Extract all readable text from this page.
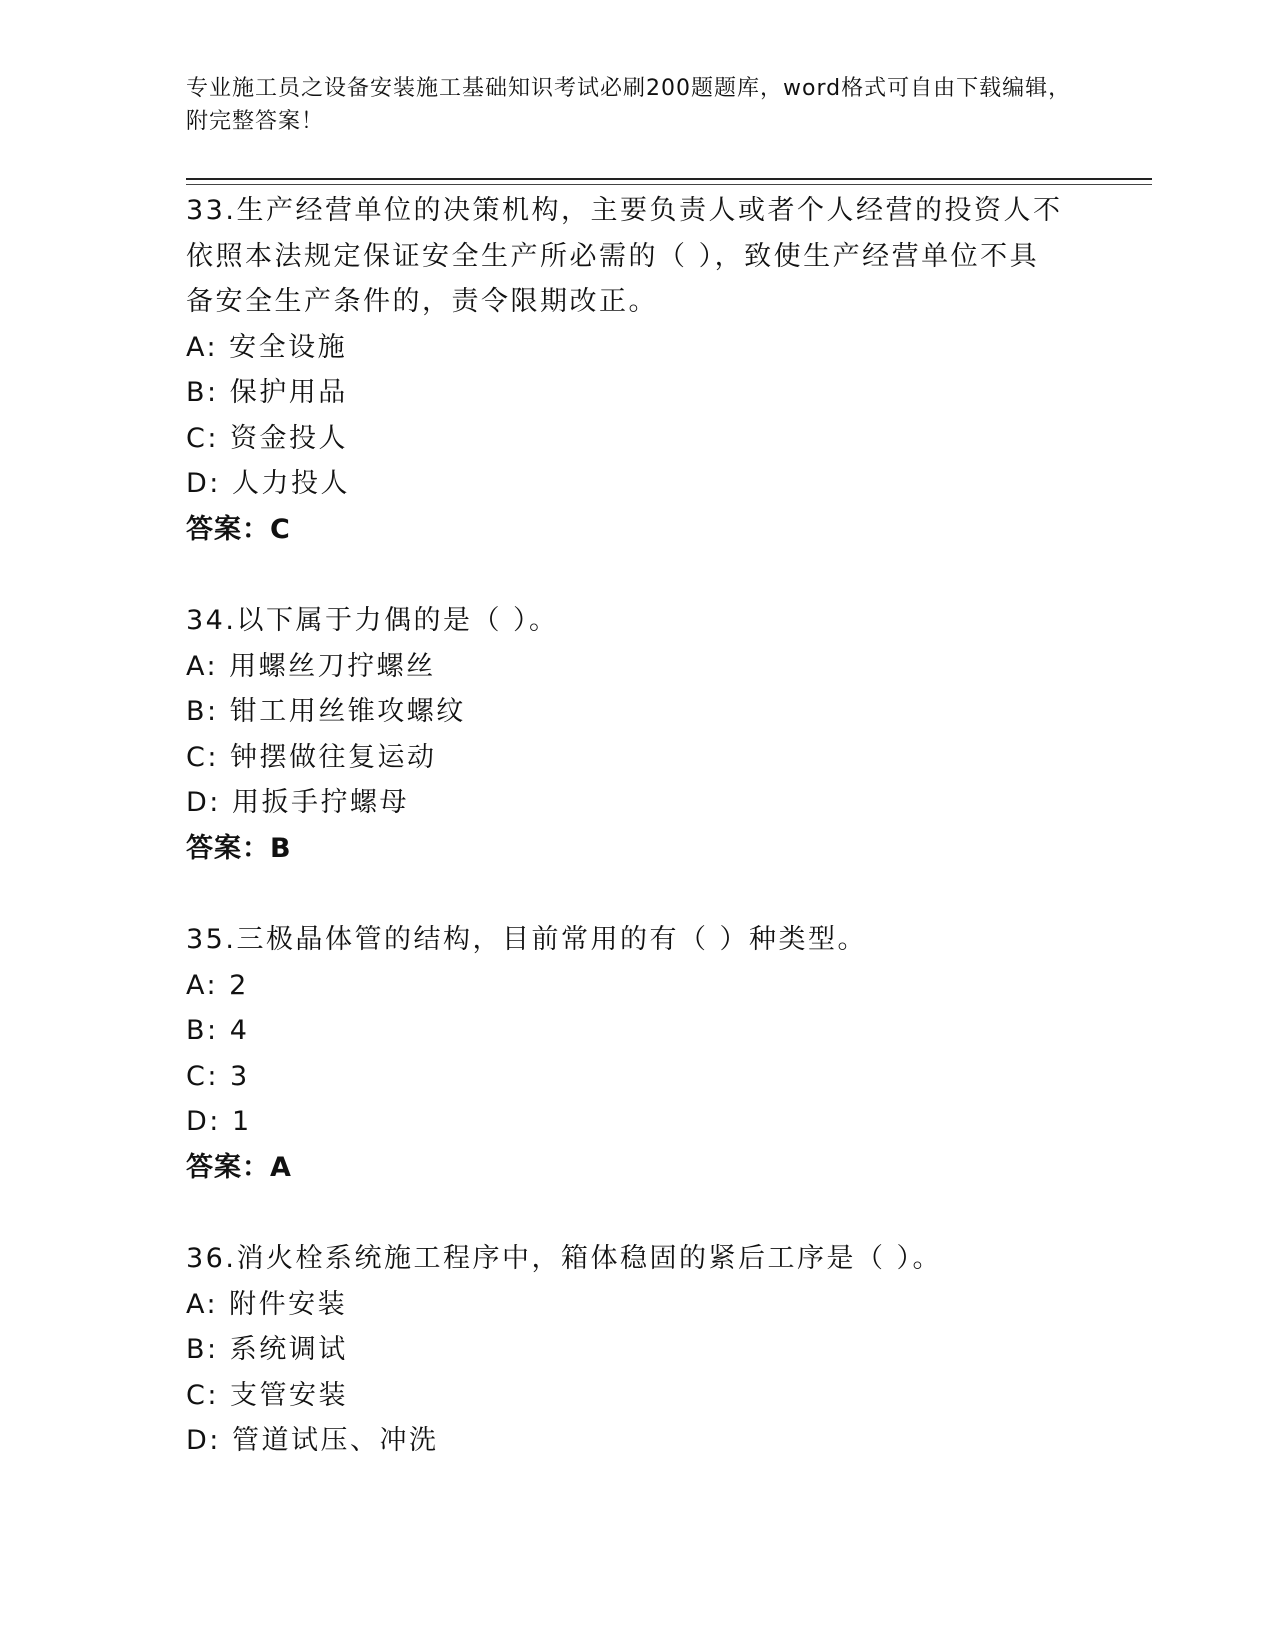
专业施工员之设备安装施工基础知识考试必刷200题题库，word格式可自由下载编辑，附完整答案！
33.生产经营单位的决策机构，主要负责人或者个人经营的投资人不依照本法规定保证安全生产所必需的（ ），致使生产经营单位不具备安全生产条件的，责令限期改正。
A: 安全设施
B: 保护用品
C: 资金投人
D: 人力投人
答案：C
34.以下属于力偶的是（ ）。
A: 用螺丝刀拧螺丝
B: 钳工用丝锥攻螺纹
C: 钟摆做往复运动
D: 用扳手拧螺母
答案：B
35.三极晶体管的结构，目前常用的有（ ）种类型。
A: 2
B: 4
C: 3
D: 1
答案：A
36.消火栓系统施工程序中，箱体稳固的紧后工序是（ ）。
A: 附件安装
B: 系统调试
C: 支管安装
D: 管道试压、冲洗
